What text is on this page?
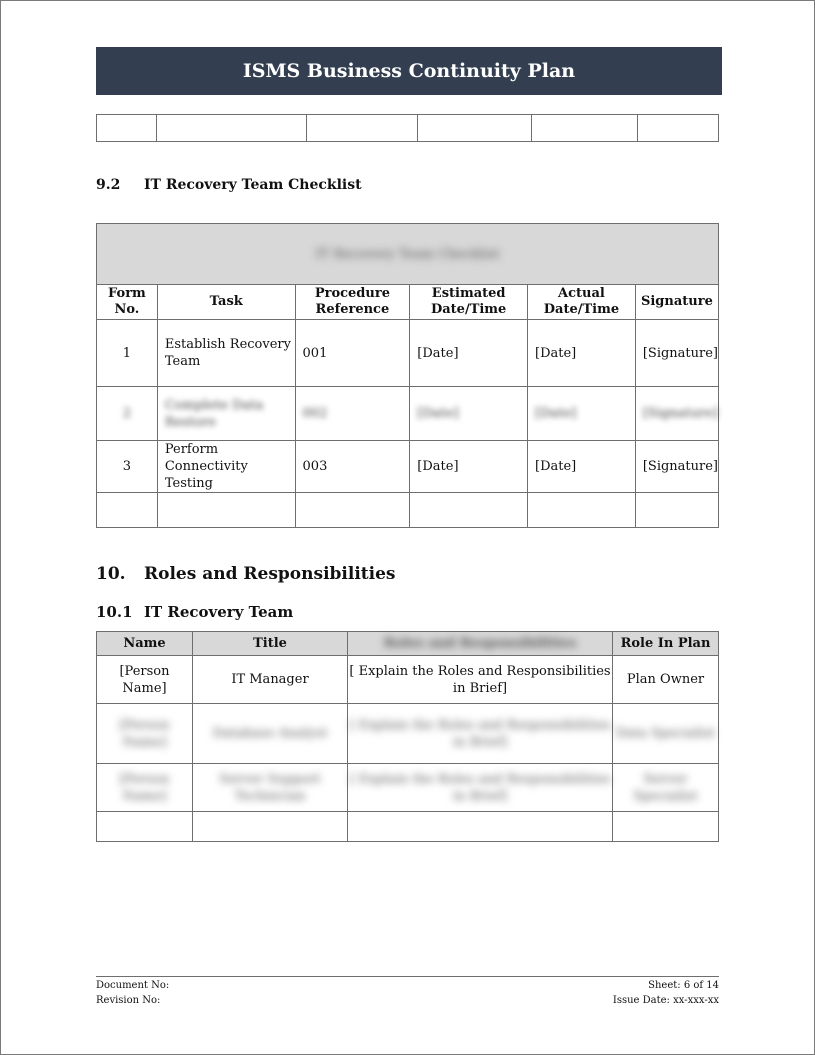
ISMS Business Continuity Plan

9.2 IT Recovery Team Checklist
IT Recovery Team Checklist					
Form No.	Task	Procedure Reference	Estimated Date/Time	Actual Date/Time	Signature
1	Establish Recovery Team	001	[Date]	[Date]	[Signature]
2	Complete Data Restore	002	[Date]	[Date]	[Signature]
3	Perform Connectivity Testing	003	[Date]	[Date]	[Signature]

10. Roles and Responsibilities
10.1 IT Recovery Team
Name	Title	Roles and Responsibilities	Role In Plan
[Person Name]	IT Manager	[ Explain the Roles and Responsibilities in Brief]	Plan Owner
[Person Name]	Database Analyst	[ Explain the Roles and Responsibilities in Brief]	Data Specialist
[Person Name]	Server Support Technician	[ Explain the Roles and Responsibilities in Brief]	Server Specialist

Document No:
Revision No:
Sheet: 6 of 14
Issue Date: xx-xxx-xx
